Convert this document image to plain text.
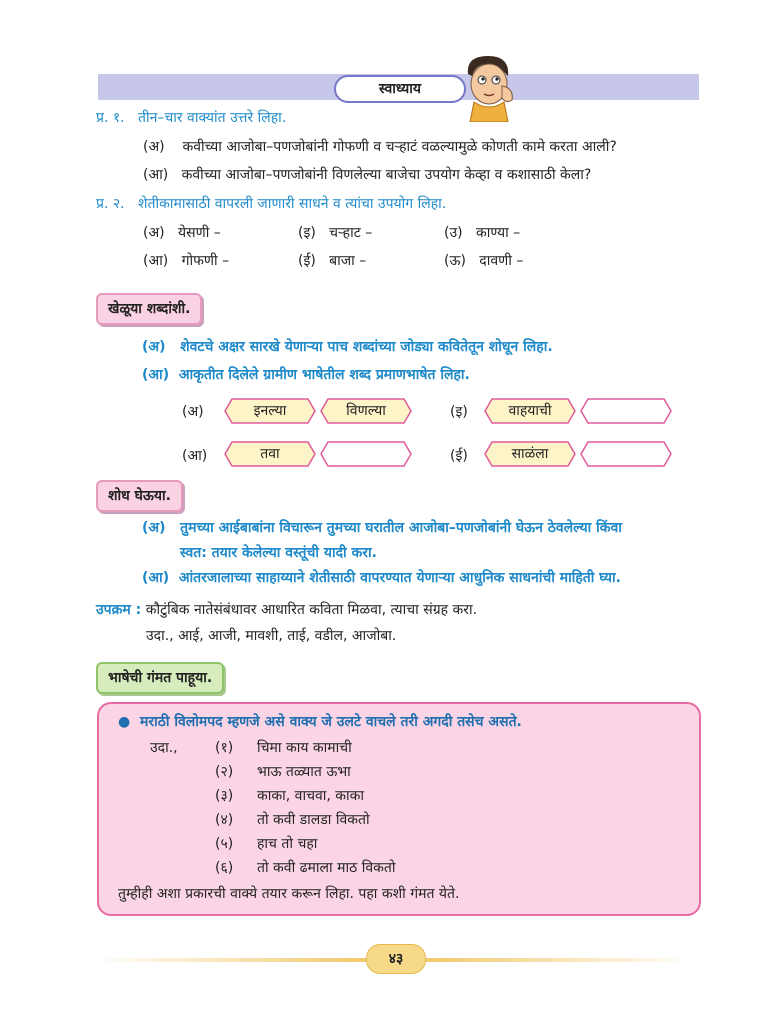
स्वाध्याय
प्र. १. तीन–चार वाक्यांत उत्तरे लिहा.
(अ) कवीच्या आजोबा–पणजोबांनी गोफणी व चऱ्हाटं वळल्यामुळे कोणती कामे करता आली?
(आ) कवीच्या आजोबा–पणजोबांनी विणलेल्या बाजेचा उपयोग केव्हा व कशासाठी केला?
प्र. २. शेतीकामासाठी वापरली जाणारी साधने व त्यांचा उपयोग लिहा.
(अ) येसणी –	(इ) चऱ्हाट –	(उ) काण्या –
(आ) गोफणी –	(ई) बाजा –	(ऊ) दावणी –
खेळूया शब्दांशी.
(अ) शेवटचे अक्षर सारखे येणाऱ्या पाच शब्दांच्या जोड्या कवितेतून शोधून लिहा.
(आ) आकृतीत दिलेले ग्रामीण भाषेतील शब्द प्रमाणभाषेत लिहा.
(अ)	इनल्या	विणल्या	(इ)	वाहयाची
(आ)	तवा	(ई)	साळंला
शोध घेऊया.
(अ) तुमच्या आईबाबांना विचारून तुमच्या घरातील आजोबा–पणजोबांनी घेऊन ठेवलेल्या किंवा
स्वत: तयार केलेल्या वस्तूंची यादी करा.
(आ) आंतरजालाच्या साहाय्याने शेतीसाठी वापरण्यात येणाऱ्या आधुनिक साधनांची माहिती घ्या.
उपक्रम : कौटुंबिक नातेसंबंधावर आधारित कविता मिळवा, त्याचा संग्रह करा.
उदा., आई, आजी, मावशी, ताई, वडील, आजोबा.
भाषेची गंमत पाहूया.
● मराठी विलोमपद म्हणजे असे वाक्य जे उलटे वाचले तरी अगदी तसेच असते.
उदा.,	(१) चिमा काय कामाची
(२) भाऊ तळ्यात ऊभा
(३) काका, वाचवा, काका
(४) तो कवी डालडा विकतो
(५) हाच तो चहा
(६) तो कवी ढमाला माठ विकतो
तुम्हीही अशा प्रकारची वाक्ये तयार करून लिहा. पहा कशी गंमत येते.
४३
